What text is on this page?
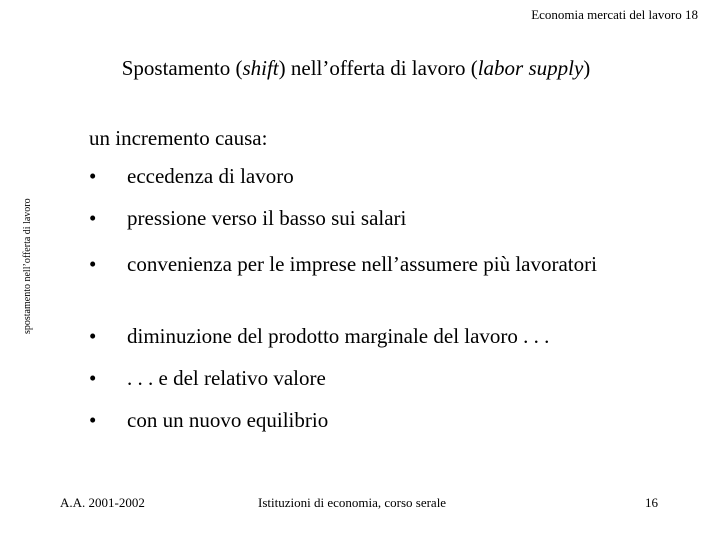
Economia mercati del lavoro 18
Spostamento (shift) nell’offerta di lavoro (labor supply)
spostamento nell’offerta di lavoro
un incremento causa:
• eccedenza di lavoro
• pressione verso il basso sui salari
• convenienza per le imprese nell’assumere più lavoratori
• diminuzione del prodotto marginale del lavoro . . .
• . . . e del relativo valore
• con un nuovo equilibrio
A.A. 2001-2002	Istituzioni di economia, corso serale	16
